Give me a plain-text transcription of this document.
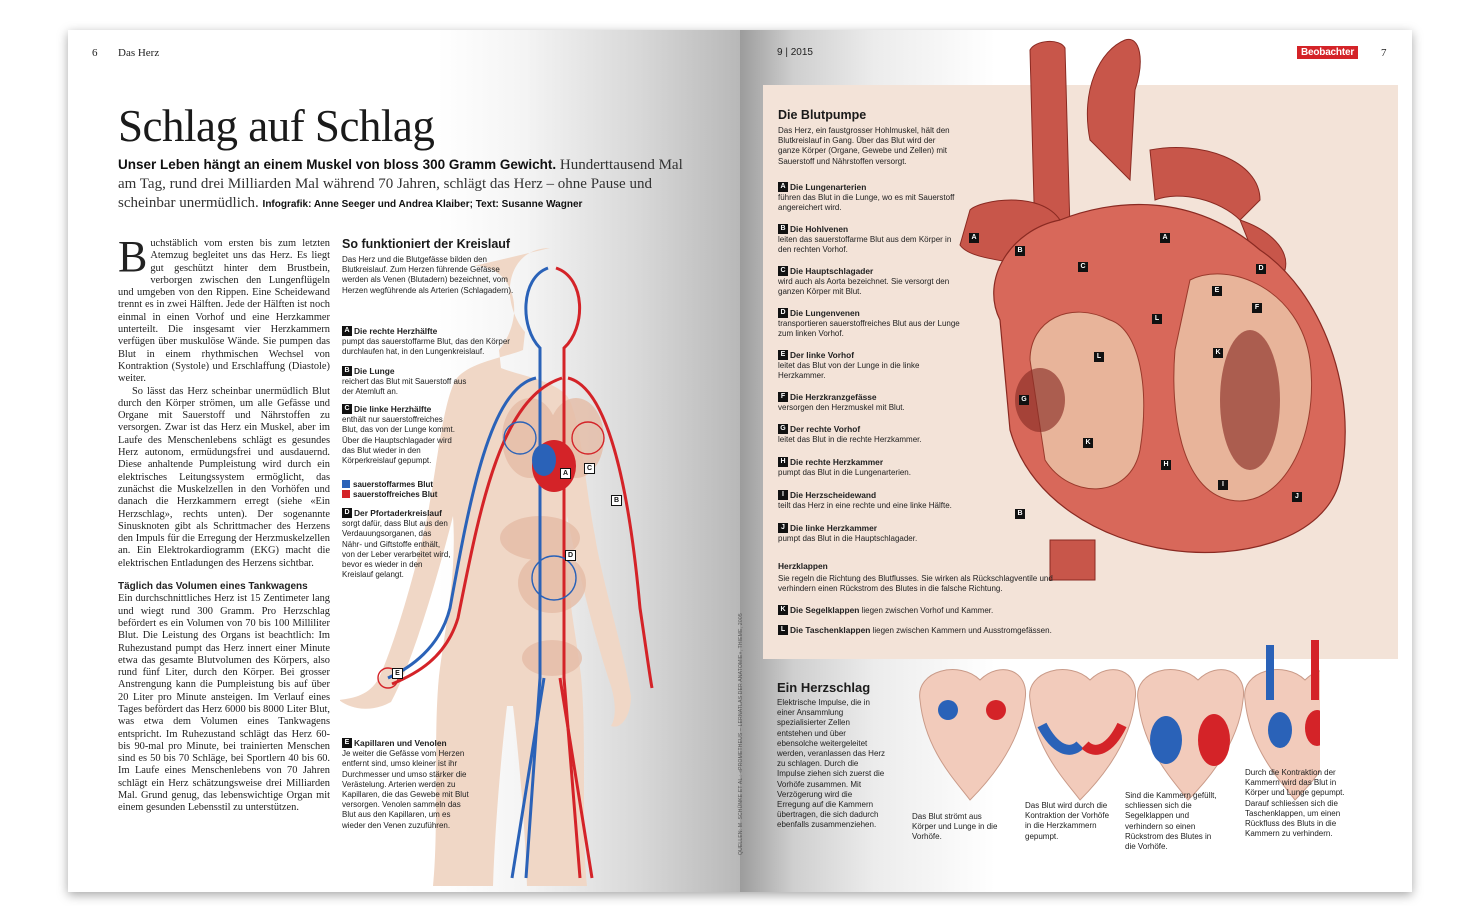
6 Das Herz	9 | 2015	Beobachter	7
Schlag auf Schlag
Unser Leben hängt an einem Muskel von bloss 300 Gramm Gewicht. Hunderttausend Mal am Tag, rund drei Milliarden Mal während 70 Jahren, schlägt das Herz – ohne Pause und scheinbar unermüdlich. Infografik: Anne Seeger und Andrea Klaiber; Text: Susanne Wagner

Buchstäblich vom ersten bis zum letzten Atemzug begleitet uns das Herz. Es liegt gut geschützt hinter dem Brustbein, verborgen zwischen den Lungenflügeln und umgeben von den Rippen. Eine Scheidewand trennt es in zwei Hälften. Jede der Hälften ist noch einmal in einen Vorhof und eine Herzkammer unterteilt. Die insgesamt vier Herzkammern verfügen über muskulöse Wände. Sie pumpen das Blut in einem rhythmischen Wechsel von Kontraktion (Systole) und Erschlaffung (Diastole) weiter.

So lässt das Herz scheinbar unermüdlich Blut durch den Körper strömen, um alle Gefässe und Organe mit Sauerstoff und Nährstoffen zu versorgen. Zwar ist das Herz ein Muskel, aber im Laufe des Menschenlebens schlägt es gesundes Herz autonom, ermüdungsfrei und ausdauernd. Diese anhaltende Pumpleistung wird durch ein elektrisches Leitungssystem ermöglicht, das zunächst die Muskelzellen in den Vorhöfen und danach die Herzkammern erregt (siehe «Ein Herzschlag», rechts unten). Der sogenannte Sinusknoten gibt als Schrittmacher des Herzens den Impuls für die Erregung der Herzmuskelzellen an. Ein Elektrokardiogramm (EKG) macht die elektrischen Entladungen des Herzens sichtbar.

Täglich das Volumen eines Tankwagens

Ein durchschnittliches Herz ist 15 Zentimeter lang und wiegt rund 300 Gramm. Pro Herzschlag befördert es ein Volumen von 70 bis 100 Milliliter Blut. Die Leistung des Organs ist beachtlich: Im Ruhezustand pumpt das Herz innert einer Minute etwa das gesamte Blutvolumen des Körpers, also rund fünf Liter, durch den Körper. Bei grosser Anstrengung kann die Pumpleistung bis auf über 20 Liter pro Minute ansteigen. Im Verlauf eines Tages befördert das Herz 6000 bis 8000 Liter Blut, was etwa dem Volumen eines Tankwagens entspricht. Im Ruhezustand schlägt das Herz 60- bis 90-mal pro Minute, bei trainierten Menschen sind es 50 bis 70 Schläge, bei Sportlern 40 bis 60. Im Laufe eines Menschenlebens von 70 Jahren schlägt ein Herz schätzungsweise drei Milliarden Mal. Grund genug, das lebenswichtige Organ mit einem gesunden Lebensstil zu unterstützen.

A
C
B
D
E
So funktioniert der Kreislauf
Das Herz und die Blutgefässe bilden den Blutkreislauf. Zum Herzen führende Gefässe werden als Venen (Blutadern) bezeichnet, vom Herzen wegführende als Arterien (Schlagadern).
A Die rechte Herzhälfte
pumpt das sauerstoffarme Blut, das den Körper durchlaufen hat, in den Lungenkreislauf.
B Die Lunge
reichert das Blut mit Sauerstoff aus der Atemluft an.
C Die linke Herzhälfte
enthält nur sauerstoffreiches Blut, das von der Lunge kommt. Über die Hauptschlagader wird das Blut wieder in den Körperkreislauf gepumpt.
sauerstoffarmes Blut
sauerstoffreiches Blut
D Der Pfortaderkreislauf
sorgt dafür, dass Blut aus den Verdauungsorganen, das Nähr- und Giftstoffe enthält, von der Leber verarbeitet wird, bevor es wieder in den Kreislauf gelangt.
E Kapillaren und Venolen
Je weiter die Gefässe vom Herzen entfernt sind, umso kleiner ist ihr Durchmesser und umso stärker die Verästelung. Arterien werden zu Kapillaren, die das Gewebe mit Blut versorgen. Venolen sammeln das Blut aus den Kapillaren, um es wieder den Venen zuzuführen.
A
B
C
A
D
E
F
L
L
K
G
K
H
I
J
B
Die Blutpumpe
Das Herz, ein faustgrosser Hohlmuskel, hält den Blutkreislauf in Gang. Über das Blut wird der ganze Körper (Organe, Gewebe und Zellen) mit Sauerstoff und Nährstoffen versorgt.
A Die Lungenarterien
führen das Blut in die Lunge, wo es mit Sauerstoff angereichert wird.
B Die Hohlvenen
leiten das sauerstoffarme Blut aus dem Körper in den rechten Vorhof.
C Die Hauptschlagader
wird auch als Aorta bezeichnet. Sie versorgt den ganzen Körper mit Blut.
D Die Lungenvenen
transportieren sauerstoffreiches Blut aus der Lunge zum linken Vorhof.
E Der linke Vorhof
leitet das Blut von der Lunge in die linke Herzkammer.
F Die Herzkranzgefässe
versorgen den Herzmuskel mit Blut.
G Der rechte Vorhof
leitet das Blut in die rechte Herzkammer.
H Die rechte Herzkammer
pumpt das Blut in die Lungenarterien.
I Die Herzscheidewand
teilt das Herz in eine rechte und eine linke Hälfte.
J Die linke Herzkammer
pumpt das Blut in die Hauptschlagader.
Herzklappen
Sie regeln die Richtung des Blutflusses. Sie wirken als Rückschlagventile und verhindern einen Rückstrom des Blutes in die falsche Richtung.
K Die Segelklappen liegen zwischen Vorhof und Kammer.
L Die Taschenklappen liegen zwischen Kammern und Ausstromgefässen.
Ein Herzschlag
Elektrische Impulse, die in einer Ansammlung spezialisierter Zellen entstehen und über ebensolche weitergeleitet werden, veranlassen das Herz zu schlagen. Durch die Impulse ziehen sich zuerst die Vorhöfe zusammen. Mit Verzögerung wird die Erregung auf die Kammern übertragen, die sich dadurch ebenfalls zusammenziehen.
Das Blut strömt aus Körper und Lunge in die Vorhöfe.
Das Blut wird durch die Kontraktion der Vorhöfe in die Herzkammern gepumpt.
Sind die Kammern gefüllt, schliessen sich die Segelklappen und verhindern so einen Rückstrom des Blutes in die Vorhöfe.
Durch die Kontraktion der Kammern wird das Blut in Körper und Lunge gepumpt. Darauf schliessen sich die Taschenklappen, um einen Rückfluss des Bluts in die Kammern zu verhindern.
QUELLEN: M. SCHÜNKE ET AL.: «PROMETHEUS – LERNATLAS DER ANATOMIE», THIEME, 2005
